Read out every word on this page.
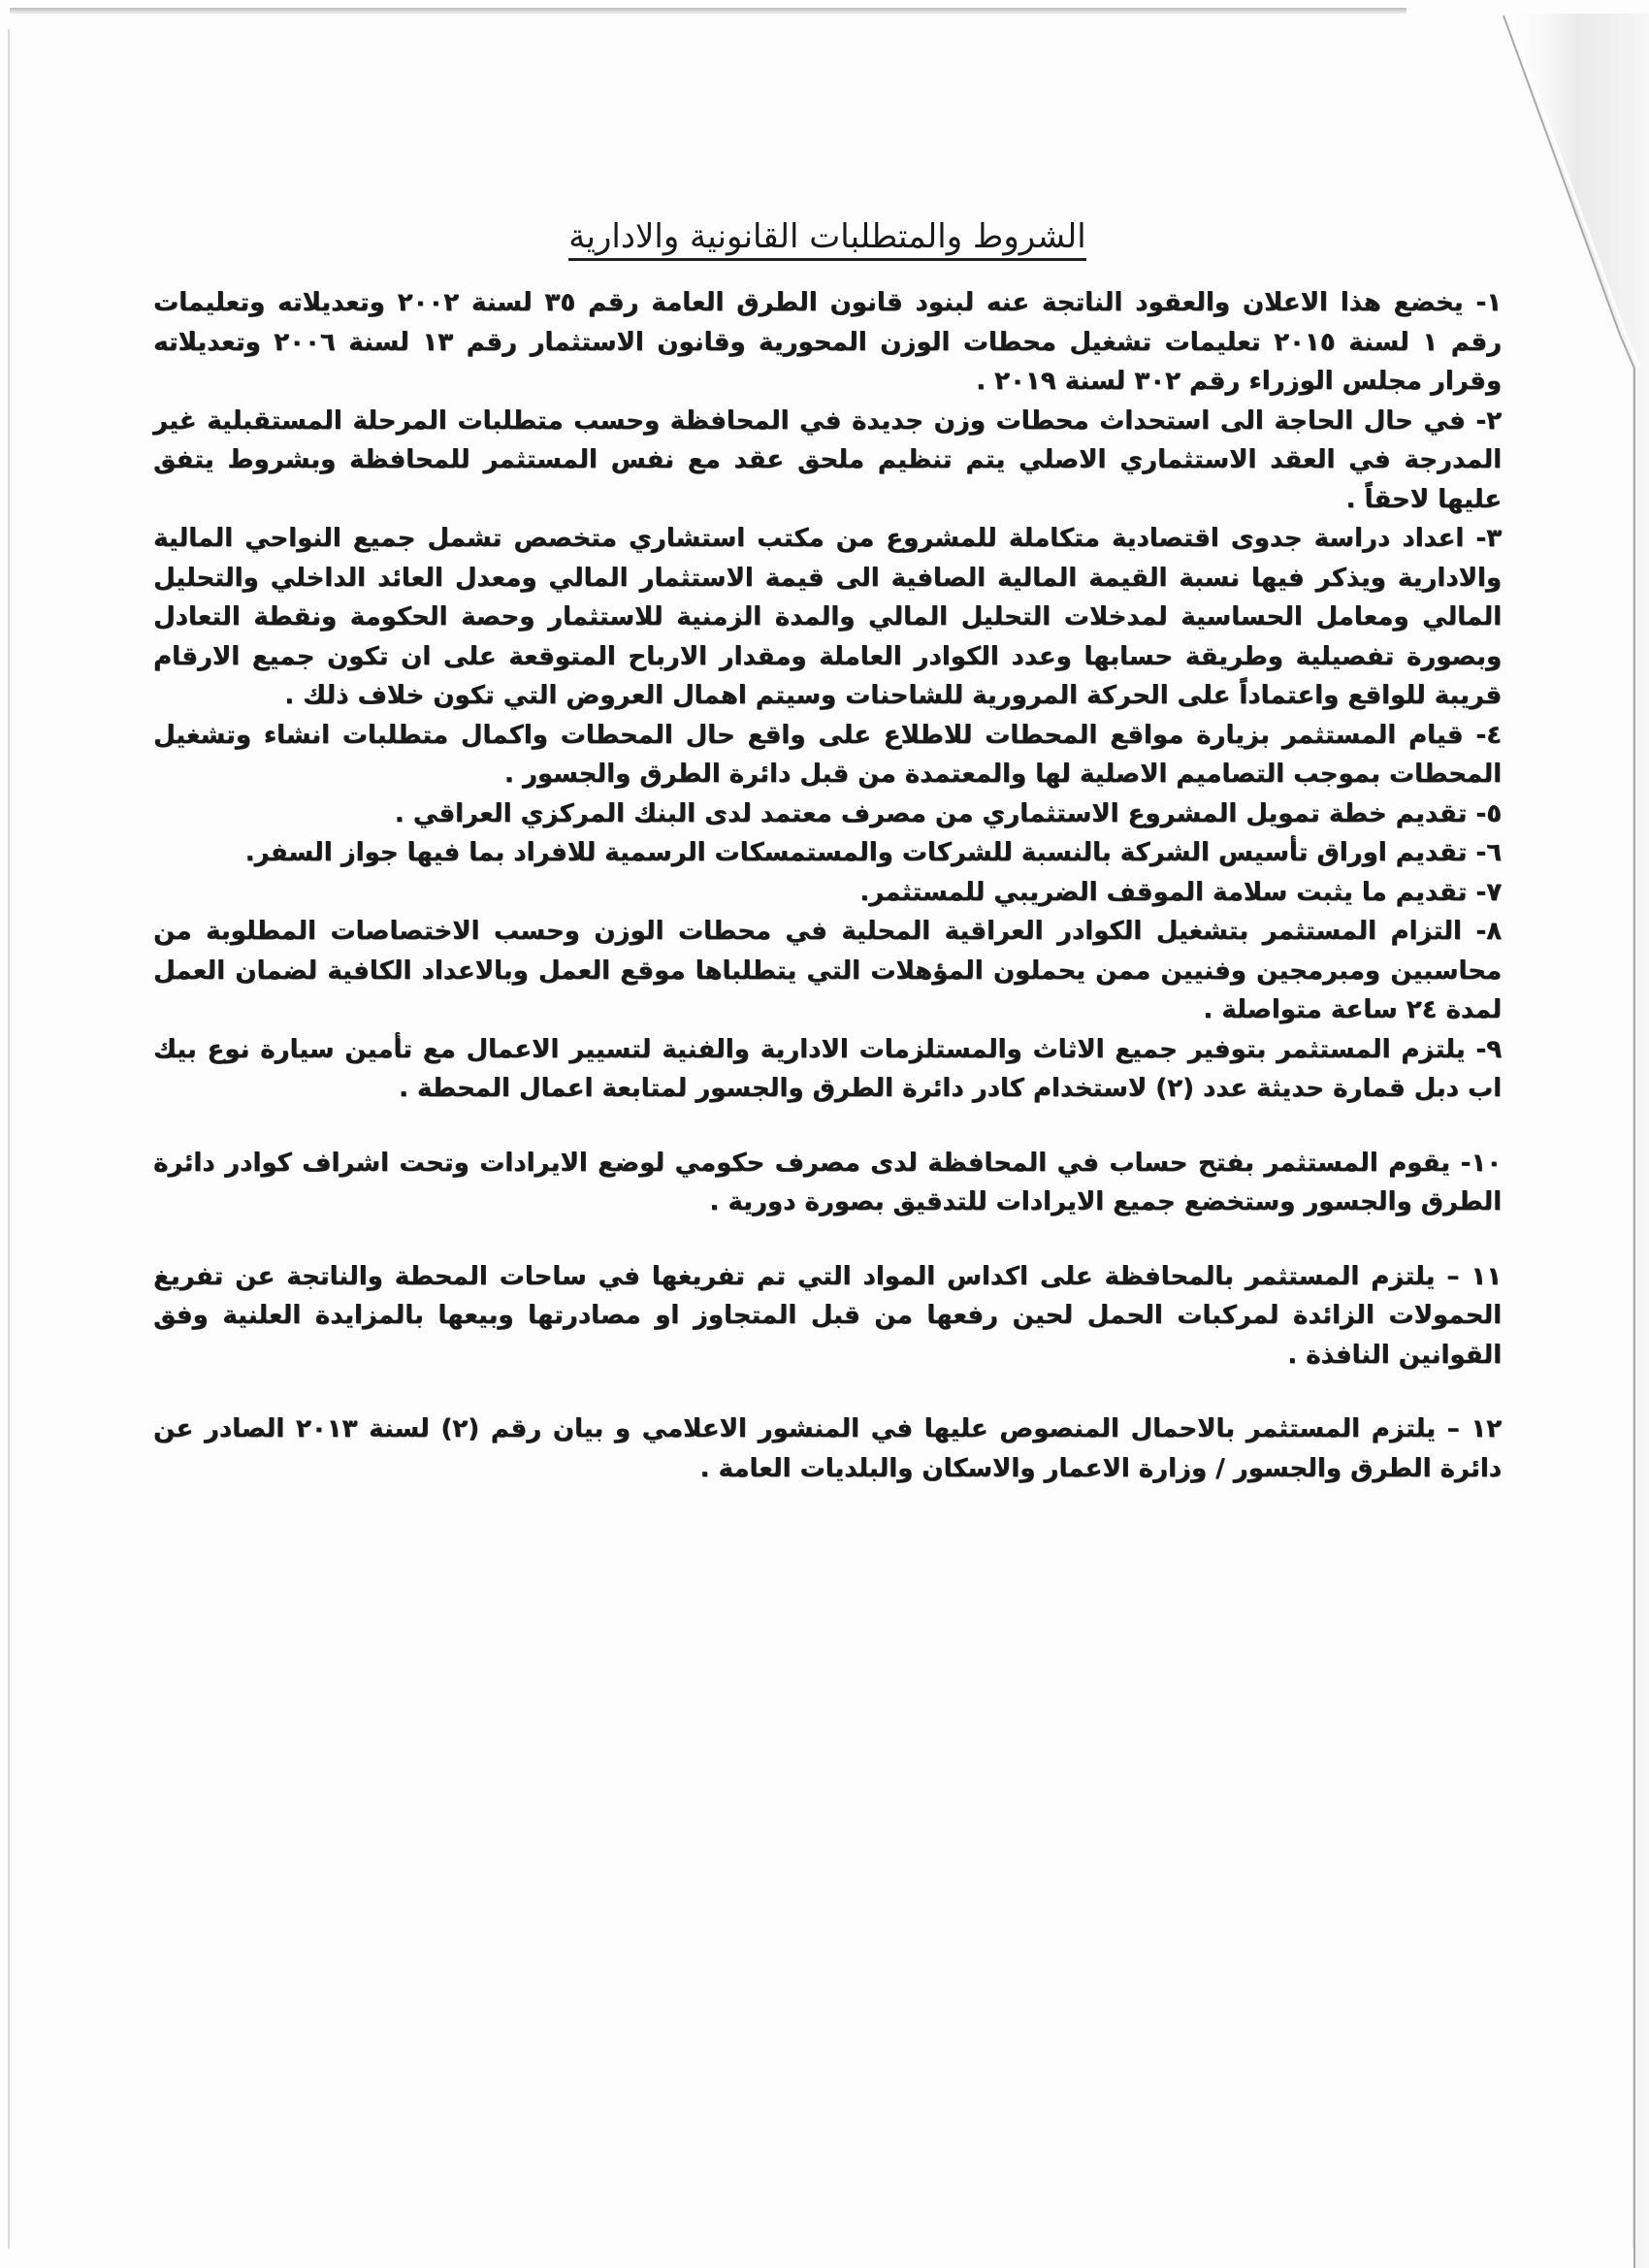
الشروط والمتطلبات القانونية والادارية

١- يخضع هذا الاعلان والعقود الناتجة عنه لبنود قانون الطرق العامة رقم ٣٥ لسنة ٢٠٠٢ وتعديلاته وتعليمات رقم ١ لسنة ٢٠١٥ تعليمات تشغيل محطات الوزن المحورية وقانون الاستثمار رقم ١٣ لسنة ٢٠٠٦ وتعديلاته وقرار مجلس الوزراء رقم ٣٠٢ لسنة ٢٠١٩ .

٢- في حال الحاجة الى استحداث محطات وزن جديدة في المحافظة وحسب متطلبات المرحلة المستقبلية غير المدرجة في العقد الاستثماري الاصلي يتم تنظيم ملحق عقد مع نفس المستثمر للمحافظة وبشروط يتفق عليها لاحقاً .

٣- اعداد دراسة جدوى اقتصادية متكاملة للمشروع من مكتب استشاري متخصص تشمل جميع النواحي المالية والادارية ويذكر فيها نسبة القيمة المالية الصافية الى قيمة الاستثمار المالي ومعدل العائد الداخلي والتحليل المالي ومعامل الحساسية لمدخلات التحليل المالي والمدة الزمنية للاستثمار وحصة الحكومة ونقطة التعادل وبصورة تفصيلية وطريقة حسابها وعدد الكوادر العاملة ومقدار الارباح المتوقعة على ان تكون جميع الارقام قريبة للواقع واعتماداً على الحركة المرورية للشاحنات وسيتم اهمال العروض التي تكون خلاف ذلك .

٤- قيام المستثمر بزيارة مواقع المحطات للاطلاع على واقع حال المحطات واكمال متطلبات انشاء وتشغيل المحطات بموجب التصاميم الاصلية لها والمعتمدة من قبل دائرة الطرق والجسور .

٥- تقديم خطة تمويل المشروع الاستثماري من مصرف معتمد لدى البنك المركزي العراقي .

٦- تقديم اوراق تأسيس الشركة بالنسبة للشركات والمستمسكات الرسمية للافراد بما فيها جواز السفر.

٧- تقديم ما يثبت سلامة الموقف الضريبي للمستثمر.

٨- التزام المستثمر بتشغيل الكوادر العراقية المحلية في محطات الوزن وحسب الاختصاصات المطلوبة من محاسبين ومبرمجين وفنيين ممن يحملون المؤهلات التي يتطلباها موقع العمل وبالاعداد الكافية لضمان العمل لمدة ٢٤ ساعة متواصلة .

٩- يلتزم المستثمر بتوفير جميع الاثاث والمستلزمات الادارية والفنية لتسيير الاعمال مع تأمين سيارة نوع بيك اب دبل قمارة حديثة عدد (٢) لاستخدام كادر دائرة الطرق والجسور لمتابعة اعمال المحطة .

١٠- يقوم المستثمر بفتح حساب في المحافظة لدى مصرف حكومي لوضع الايرادات وتحت اشراف كوادر دائرة الطرق والجسور وستخضع جميع الايرادات للتدقيق بصورة دورية .

١١ – يلتزم المستثمر بالمحافظة على اكداس المواد التي تم تفريغها في ساحات المحطة والناتجة عن تفريغ الحمولات الزائدة لمركبات الحمل لحين رفعها من قبل المتجاوز او مصادرتها وبيعها بالمزايدة العلنية وفق القوانين النافذة .

١٢ – يلتزم المستثمر بالاحمال المنصوص عليها في المنشور الاعلامي و بيان رقم (٢) لسنة ٢٠١٣ الصادر عن دائرة الطرق والجسور / وزارة الاعمار والاسكان والبلديات العامة .
